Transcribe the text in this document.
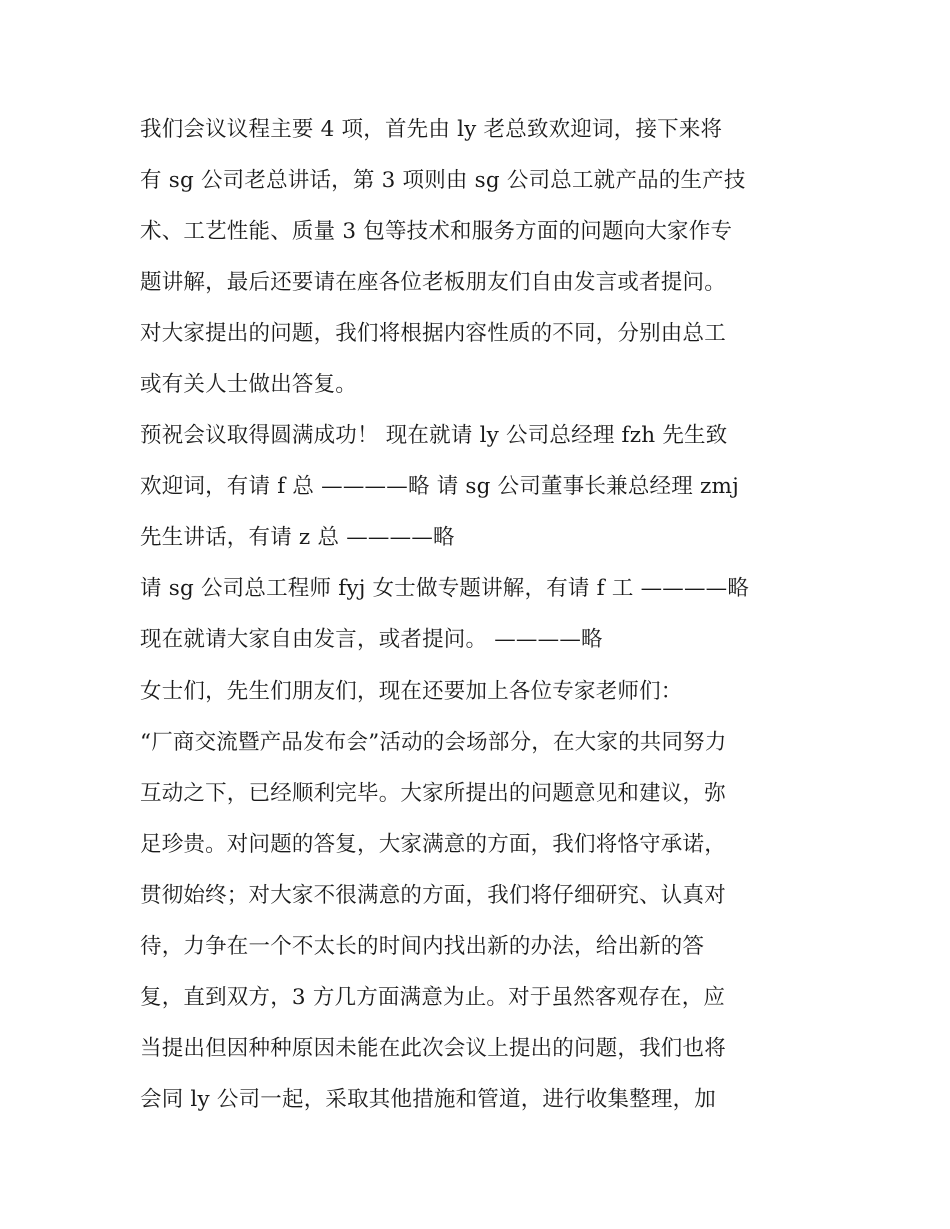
我们会议议程主要 4 项，首先由 ly 老总致欢迎词，接下来将
有 sg 公司老总讲话，第 3 项则由 sg 公司总工就产品的生产技
术、工艺性能、质量 3 包等技术和服务方面的问题向大家作专
题讲解，最后还要请在座各位老板朋友们自由发言或者提问。
对大家提出的问题，我们将根据内容性质的不同，分别由总工
或有关人士做出答复。
预祝会议取得圆满成功！ 现在就请 ly 公司总经理 fzh 先生致
欢迎词，有请 f 总 ————略 请 sg 公司董事长兼总经理 zmj
先生讲话，有请 z 总 ————略
请 sg 公司总工程师 fyj 女士做专题讲解，有请 f 工 ————略
现在就请大家自由发言，或者提问。 ————略
女士们，先生们朋友们，现在还要加上各位专家老师们：
“厂商交流暨产品发布会”活动的会场部分，在大家的共同努力
互动之下，已经顺利完毕。大家所提出的问题意见和建议，弥
足珍贵。对问题的答复，大家满意的方面，我们将恪守承诺，
贯彻始终；对大家不很满意的方面，我们将仔细研究、认真对
待，力争在一个不太长的时间内找出新的办法，给出新的答
复，直到双方，3 方几方面满意为止。对于虽然客观存在，应
当提出但因种种原因未能在此次会议上提出的问题，我们也将
会同 ly 公司一起，采取其他措施和管道，进行收集整理，加
